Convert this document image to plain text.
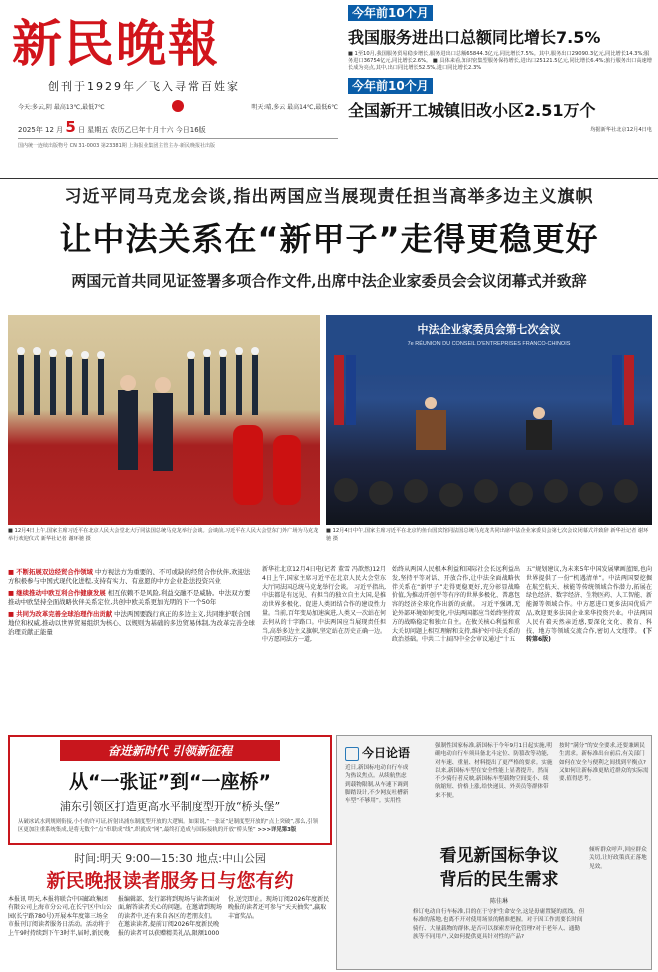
新民晚報
创刊于1929年／飞入寻常百姓家
今天:多云,阴 最高13℃,最低7℃	明天:晴,多云 最高14℃,最低6℃
2025年 12 月 5 日 星期五 农历乙巳年十月十六 今日16版
国内统一连续出版物号 CN 31-0003 第23381期 上海报业集团主管主办·新民晚报社出版
今年前10个月
我国服务进出口总额同比增长7.5%
■ 1至10月,我国服务贸易稳步增长,服务进出口总额65844.3亿元,同比增长7.5%。其中,服务出口29090.3亿元,同比增长14.3%;服务进口36754亿元,同比增长2.6%。 ■ 具体来看,知识密集型服务保持增长,进出口25121.5亿元,同比增长6.4%;旅行服务出口高速增长成为亮点,其中,出口同比增长52.5%,进口同比增长2.3%
今年前10个月
全国新开工城镇旧改小区2.51万个
均据新华社北京12月4日电
习近平同马克龙会谈,指出两国应当展现责任担当高举多边主义旗帜
让中法关系在“新甲子”走得更稳更好
两国元首共同见证签署多项合作文件,出席中法企业家委员会会议闭幕式并致辞
中法企业家委员会第七次会议
7e RÉUNION DU CONSEIL D'ENTREPRISES FRANCO-CHINOIS
■ 12月4日上午,国家主席习近平在北京人民大会堂北大厅同法国总统马克龙举行会谈。会谈前,习近平在人民大会堂东门外广场为马克龙举行欢迎仪式 新华社记者 谢环驰 摄
■ 12月4日中午,国家主席习近平在北京钓鱼台国宾馆同法国总统马克龙共同出席中法企业家委员会第七次会议闭幕式并致辞 新华社记者 谢环驰 摄
■ 不断拓展双边经贸合作领域 中方视法方为重要的、不可或缺的经贸合作伙伴,欢迎法方积极参与中国式现代化进程,支持有实力、有意愿的中方企业赴法投资兴业
■ 继续推动中欧互利合作健康发展 相互依赖不是风险,利益交融不是威胁。中法双方要推动中欧坚持全面战略伙伴关系定位,共创中欧关系更加光明的下一个50年
■ 共同为改革完善全球治理作出贡献 中法两国要践行真正的多边主义,共同维护联合国地位和权威,推动以世界贸易组织为核心、以规则为基础的多边贸易体制,为改革完善全球治理贡献正能量
新华社北京12月4日电(记者 董雪 冯歆然)12月4日上午,国家主席习近平在北京人民大会堂东大厅同法国总统马克龙举行会谈。 习近平指出,中法都是有远见、有担当的独立自主大国,是推动世界多极化、促进人类团结合作的建设性力量。当前,百年变局加速演进,人类又一次站在何去何从的十字路口。中法两国应当展现责任担当,高举多边主义旗帜,坚定站在历史正确一边。中方愿同法方一道,
始终从两国人民根本利益和国际社会长远利益出发,坚持平等对话、开放合作,让中法全面战略伙伴关系在“新甲子”走得更稳更好,充分彰显战略价值,为推动开创平等有序的世界多极化、普惠包容的经济全球化作出新的贡献。 习近平强调,无论外部环境如何变化,中法两国都应当始终坚持双方的战略稳定和独立自主。在攸关核心利益和重大关切问题上相互理解和支持,维护好中法关系的政治基础。中共二十届四中全会审议通过“十五
五”规划建议,为未来5年中国发展擘画蓝图,也向世界提供了一份“机遇清单”。中法两国要挖掘在航空航天、核能等传统领域合作潜力,拓展在绿色经济、数字经济、生物医药、人工智能、新能源等领域合作。中方愿进口更多法国优质产品,欢迎更多法国企业来华投资兴业。中法两国人民有着天然亲近感,要深化文化、教育、科技、地方等领域交流合作,密切人文纽带。 (下转第6版)
奋进新时代 引领新征程
从“一张证”到“一座桥”
浦东引领区打造更高水平制度型开放“桥头堡”
从破冰试水到规则衔接,小小的许可证,折射出浦东制度型开放的大逻辑。如果说,“一张证”是制度型开放的“点上突破”,那么,引领区更加注重系统集成,是将无数个“点”串联成“线”,织就成“网”,最终打造成与国际接轨的开放“桥头堡” >>>详见第3版
时间:明天 9:00—15:30 地点:中山公园
新民晚报读者服务日与您有约
本报讯 明天,本报将联合中国邮政集团有限公司上海市分公司,在长宁区中山公园(长宁路780号)开展本年度第三场全市报刊订阅读者服务日活动。活动将于上午9时持续到下午3时半,届时,新民晚报编辑部、发行部将到现场与读者面对面,解答读者关心的问题。在邀请到现场的读者中,还有来自各区的老朋友们。 在邀读读者,提前订阅2026年度新民晚报的读者可以获赠精美礼品,限额1000份,送完即止。现场订阅2026年度新民晚报的读者还可参与“天天抽奖”,赢取丰富奖品。
今日论语
近日,新国标电动自行车成为热议焦点。从续航焦虑到载物限制,从车速下调到脚踏设计,不少网友吐槽新车型“不够用”。实用性
强制性国家标准,新国标于今年9月1日起实施,明确电动自行车须具备北斗定位、防篡改等功能,对车速、重量、材料提出了更严格的要求。实施以来,新国标车型在安全性能上显著提升。然而不少骑行者反映,新国标车型载物空间变小、续航缩短、价格上涨,给快递员、外卖员等群体带来不便。
按时“满分”的安全要求,还要兼顾民生需求。新标准出台前后,有关部门如何在安全与便利之间找到平衡点?又如何让新标准更贴近群众的实际需要,值得思考。
看见新国标争议
背后的民生需求
陈佳琳
修订电动自行车标准,目的在于守护生命安全,这是毋庸置疑的底线。但标准的落地,也离不开对使用场景的精准把握。对于因工作需要长时间骑行、大量载物的群体,是否可以探索差异化管理?对于老年人、通勤族等不同用户,又如何提供更具针对性的产品?
倾听群众呼声,回应群众关切,让好政策真正落地见效。
